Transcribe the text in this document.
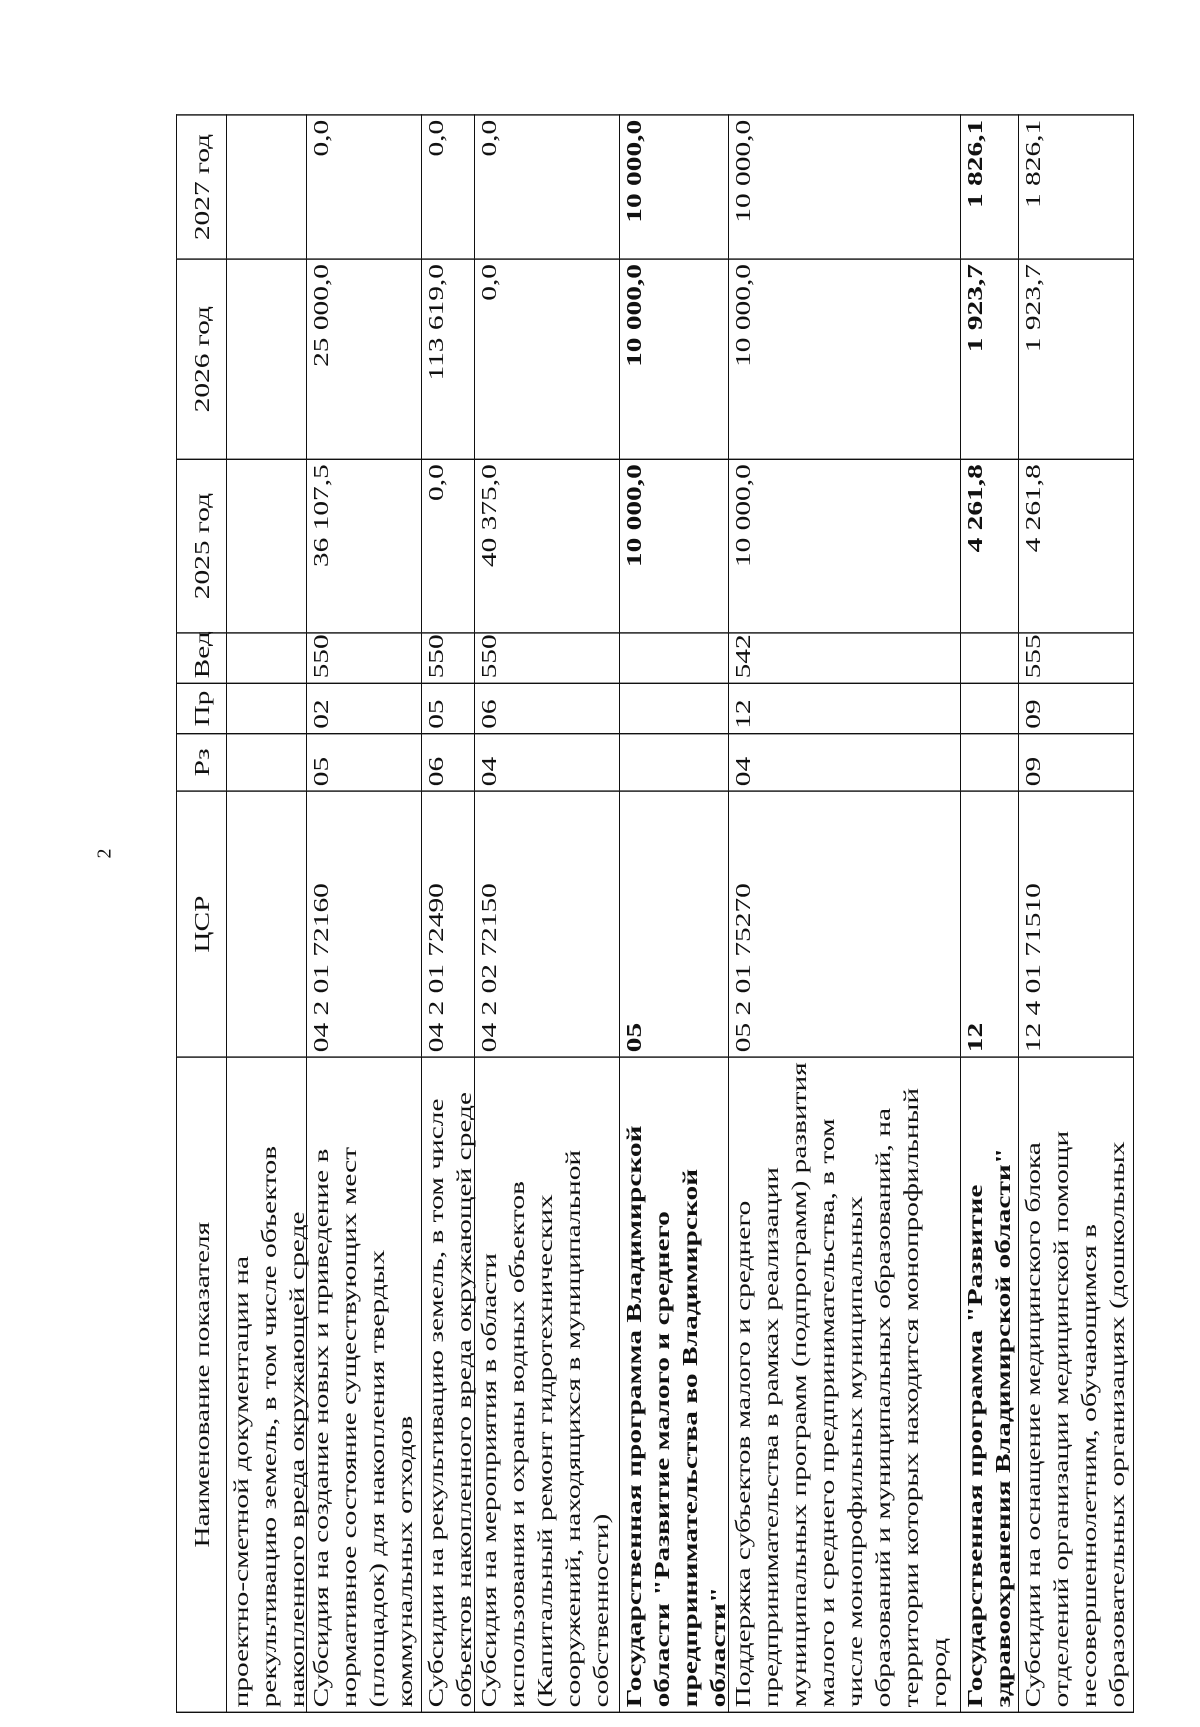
2
Наименование показателя	ЦСР	Рз	Пр	Вед	2025 год	2026 год	2027 год

проектно-сметной документации на рекультивацию земель, в том числе объектов накопленного вреда окружающей среде							

Субсидия на создание новых и приведение в нормативное состояние существующих мест (площадок) для накопления твердых коммунальных отходов	04 2 01 72160	05	02	550	36 107,5	25 000,0	0,0

Субсидии на рекультивацию земель, в том числе объектов накопленного вреда окружающей среде	04 2 01 72490	06	05	550	0,0	113 619,0	0,0

Субсидия на мероприятия в области использования и охраны водных объектов (Капитальный ремонт гидротехнических сооружений, находящихся в муниципальной собственности)	04 2 02 72150	04	06	550	40 375,0	0,0	0,0

Государственная программа Владимирской области "Развитие малого и среднего предпринимательства во Владимирской области"	05				10 000,0	10 000,0	10 000,0

Поддержка субъектов малого и среднего предпринимательства в рамках реализации муниципальных программ (подпрограмм) развития малого и среднего предпринимательства, в том числе монопрофильных муниципальных образований и муниципальных образований, на территории которых находится монопрофильный город	05 2 01 75270	04	12	542	10 000,0	10 000,0	10 000,0

Государственная программа "Развитие здравоохранения Владимирской области"	12				4 261,8	1 923,7	1 826,1

Субсидии на оснащение медицинского блока отделений организации медицинской помощи несовершеннолетним, обучающимся в образовательных организациях (дошкольных	12 4 01 71510	09	09	555	4 261,8	1 923,7	1 826,1
